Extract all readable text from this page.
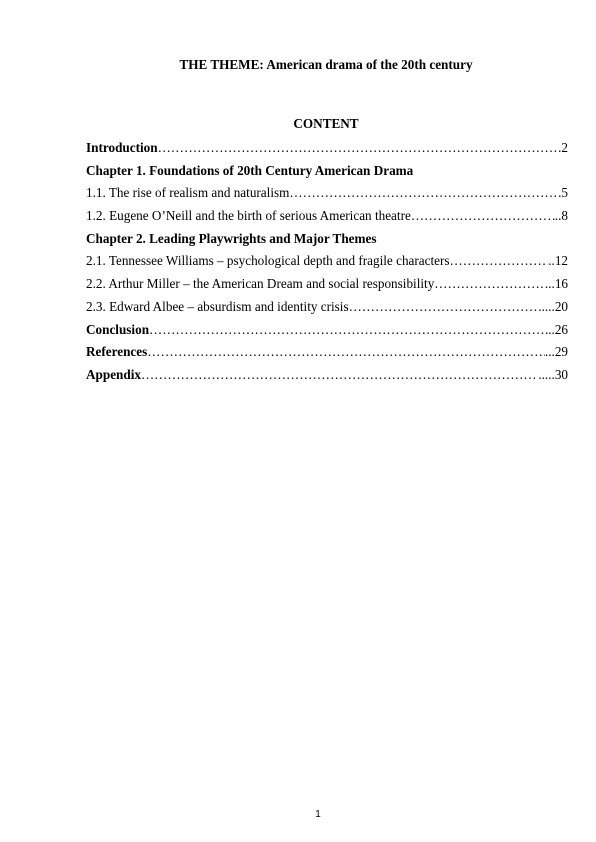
THE THEME: American drama of the 20th century
CONTENT
Introduction ………………………………………………………………………………………………………………………………	.2
Chapter 1. Foundations of 20th Century American Drama
1.1. The rise of realism and naturalism ………………………………………………………………………………………………………………………………	.5
1.2. Eugene O’Neill and the birth of serious American theatre ………………………………………………………………………………………………………………………………	..8
Chapter 2. Leading Playwrights and Major Themes
2.1. Tennessee Williams – psychological depth and fragile characters ………………………………………………………………………………………………………………………………	..12
2.2. Arthur Miller – the American Dream and social responsibility ………………………………………………………………………………………………………………………………	...16
2.3. Edward Albee – absurdism and identity crisis ………………………………………………………………………………………………………………………………	.....20
Conclusion ………………………………………………………………………………………………………………………………	..26
References ………………………………………………………………………………………………………………………………	...29
Appendix ………………………………………………………………………………………………………………………………	.....30
1
